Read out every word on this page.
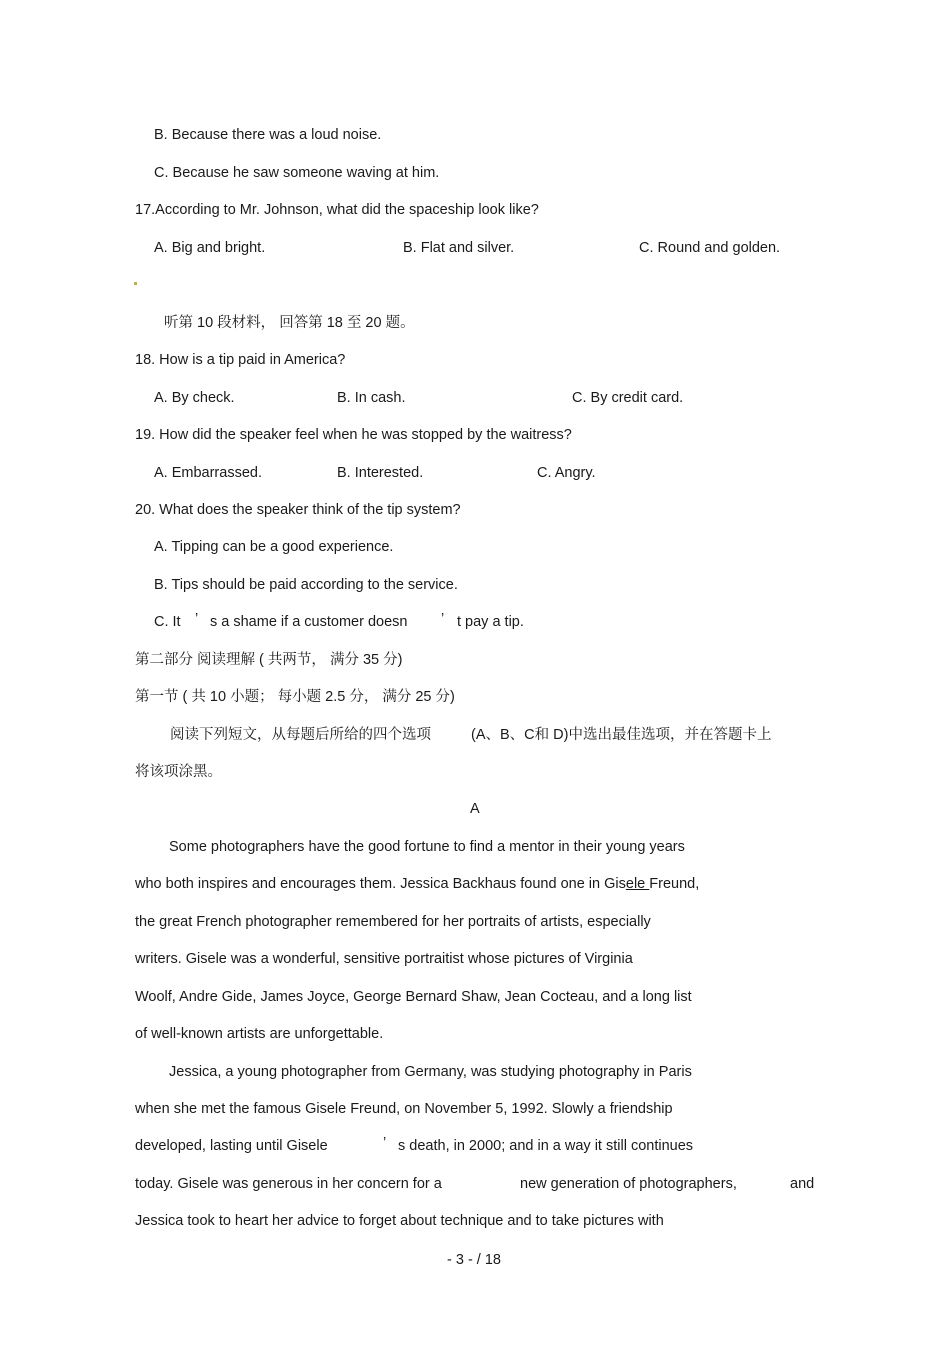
B. Because there was a loud noise.
C. Because he saw someone waving at him.
17.According to Mr. Johnson, what did the spaceship look like?
A. Big and bright.	B. Flat and silver.	C. Round and golden.
听第 10 段材料， 回答第 18 至 20 题。
18. How is a tip paid in America?
A. By check.	B. In cash.	C. By credit card.
19. How did the speaker feel when he was stopped by the waitress?
A. Embarrassed.	B. Interested.	C. Angry.
20. What does the speaker think of the tip system?
A. Tipping can be a good experience.
B. Tips should be paid according to the service.
C. It ’ s a shame if a customer doesn ’ t pay a tip.
第二部分 阅读理解 ( 共两节， 满分 35 分)
第一节 ( 共 10 小题； 每小题 2.5 分， 满分 25 分)
阅读下列短文，从每题后所给的四个选项	(A、B、C和 D)中选出最佳选项，并在答题卡上
将该项涂黑。
A
Some photographers have the good fortune to find a mentor in their young years
who both inspires and encourages them. Jessica Backhaus found one in Gisele Freund,
the great French photographer remembered for her portraits of artists, especially
writers. Gisele was a wonderful, sensitive portraitist whose pictures of Virginia
Woolf, Andre Gide, James Joyce, George Bernard Shaw, Jean Cocteau, and a long list
of well-known artists are unforgettable.
Jessica, a young photographer from Germany, was studying photography in Paris
when she met the famous Gisele Freund, on November 5, 1992. Slowly a friendship
developed, lasting until Gisele	’ s death, in 2000; and in a way it still continues
today. Gisele was generous in her concern for a	new generation of photographers,	and
Jessica took to heart her advice to forget about technique and to take pictures with
- 3 - / 18
